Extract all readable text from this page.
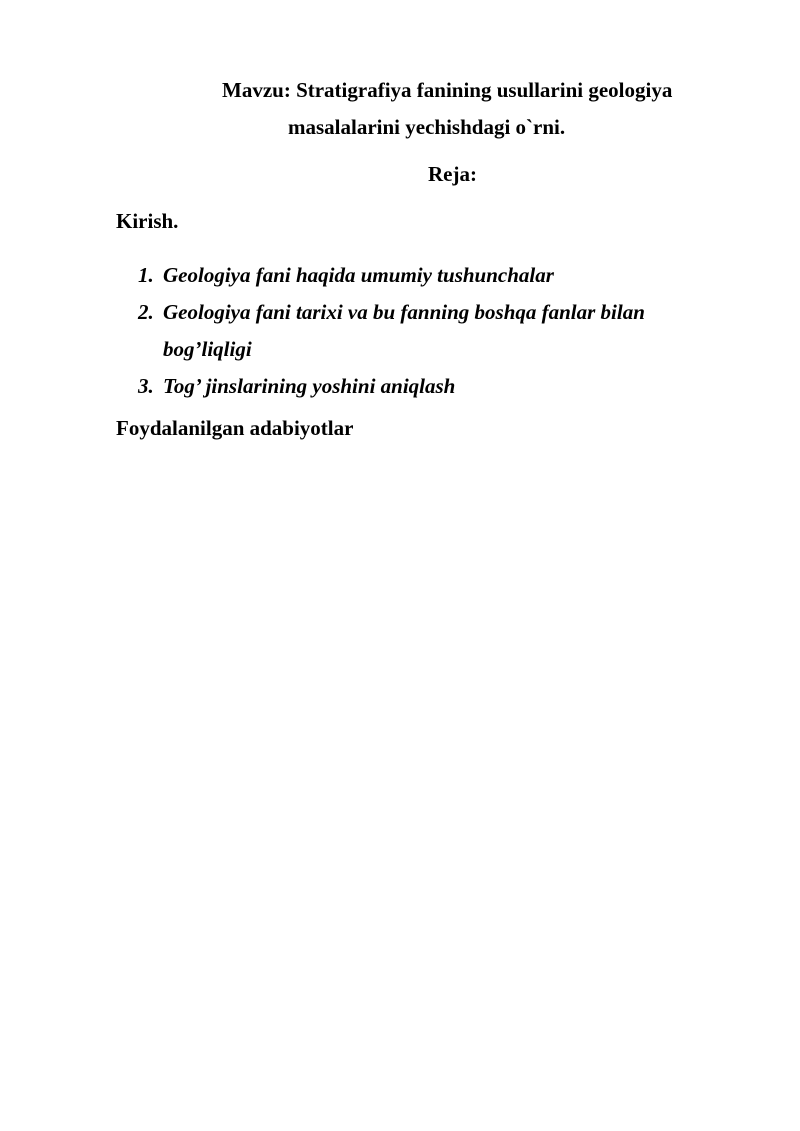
Mavzu: Stratigrafiya fanining usullarini geologiya
masalalarini yechishdagi o`rni.
Reja:
Kirish.
1. Geologiya fani haqida umumiy tushunchalar
2. Geologiya fani tarixi va bu fanning boshqa fanlar bilan bog’liqligi
3. Tog’ jinslarining yoshini aniqlash
Foydalanilgan adabiyotlar
